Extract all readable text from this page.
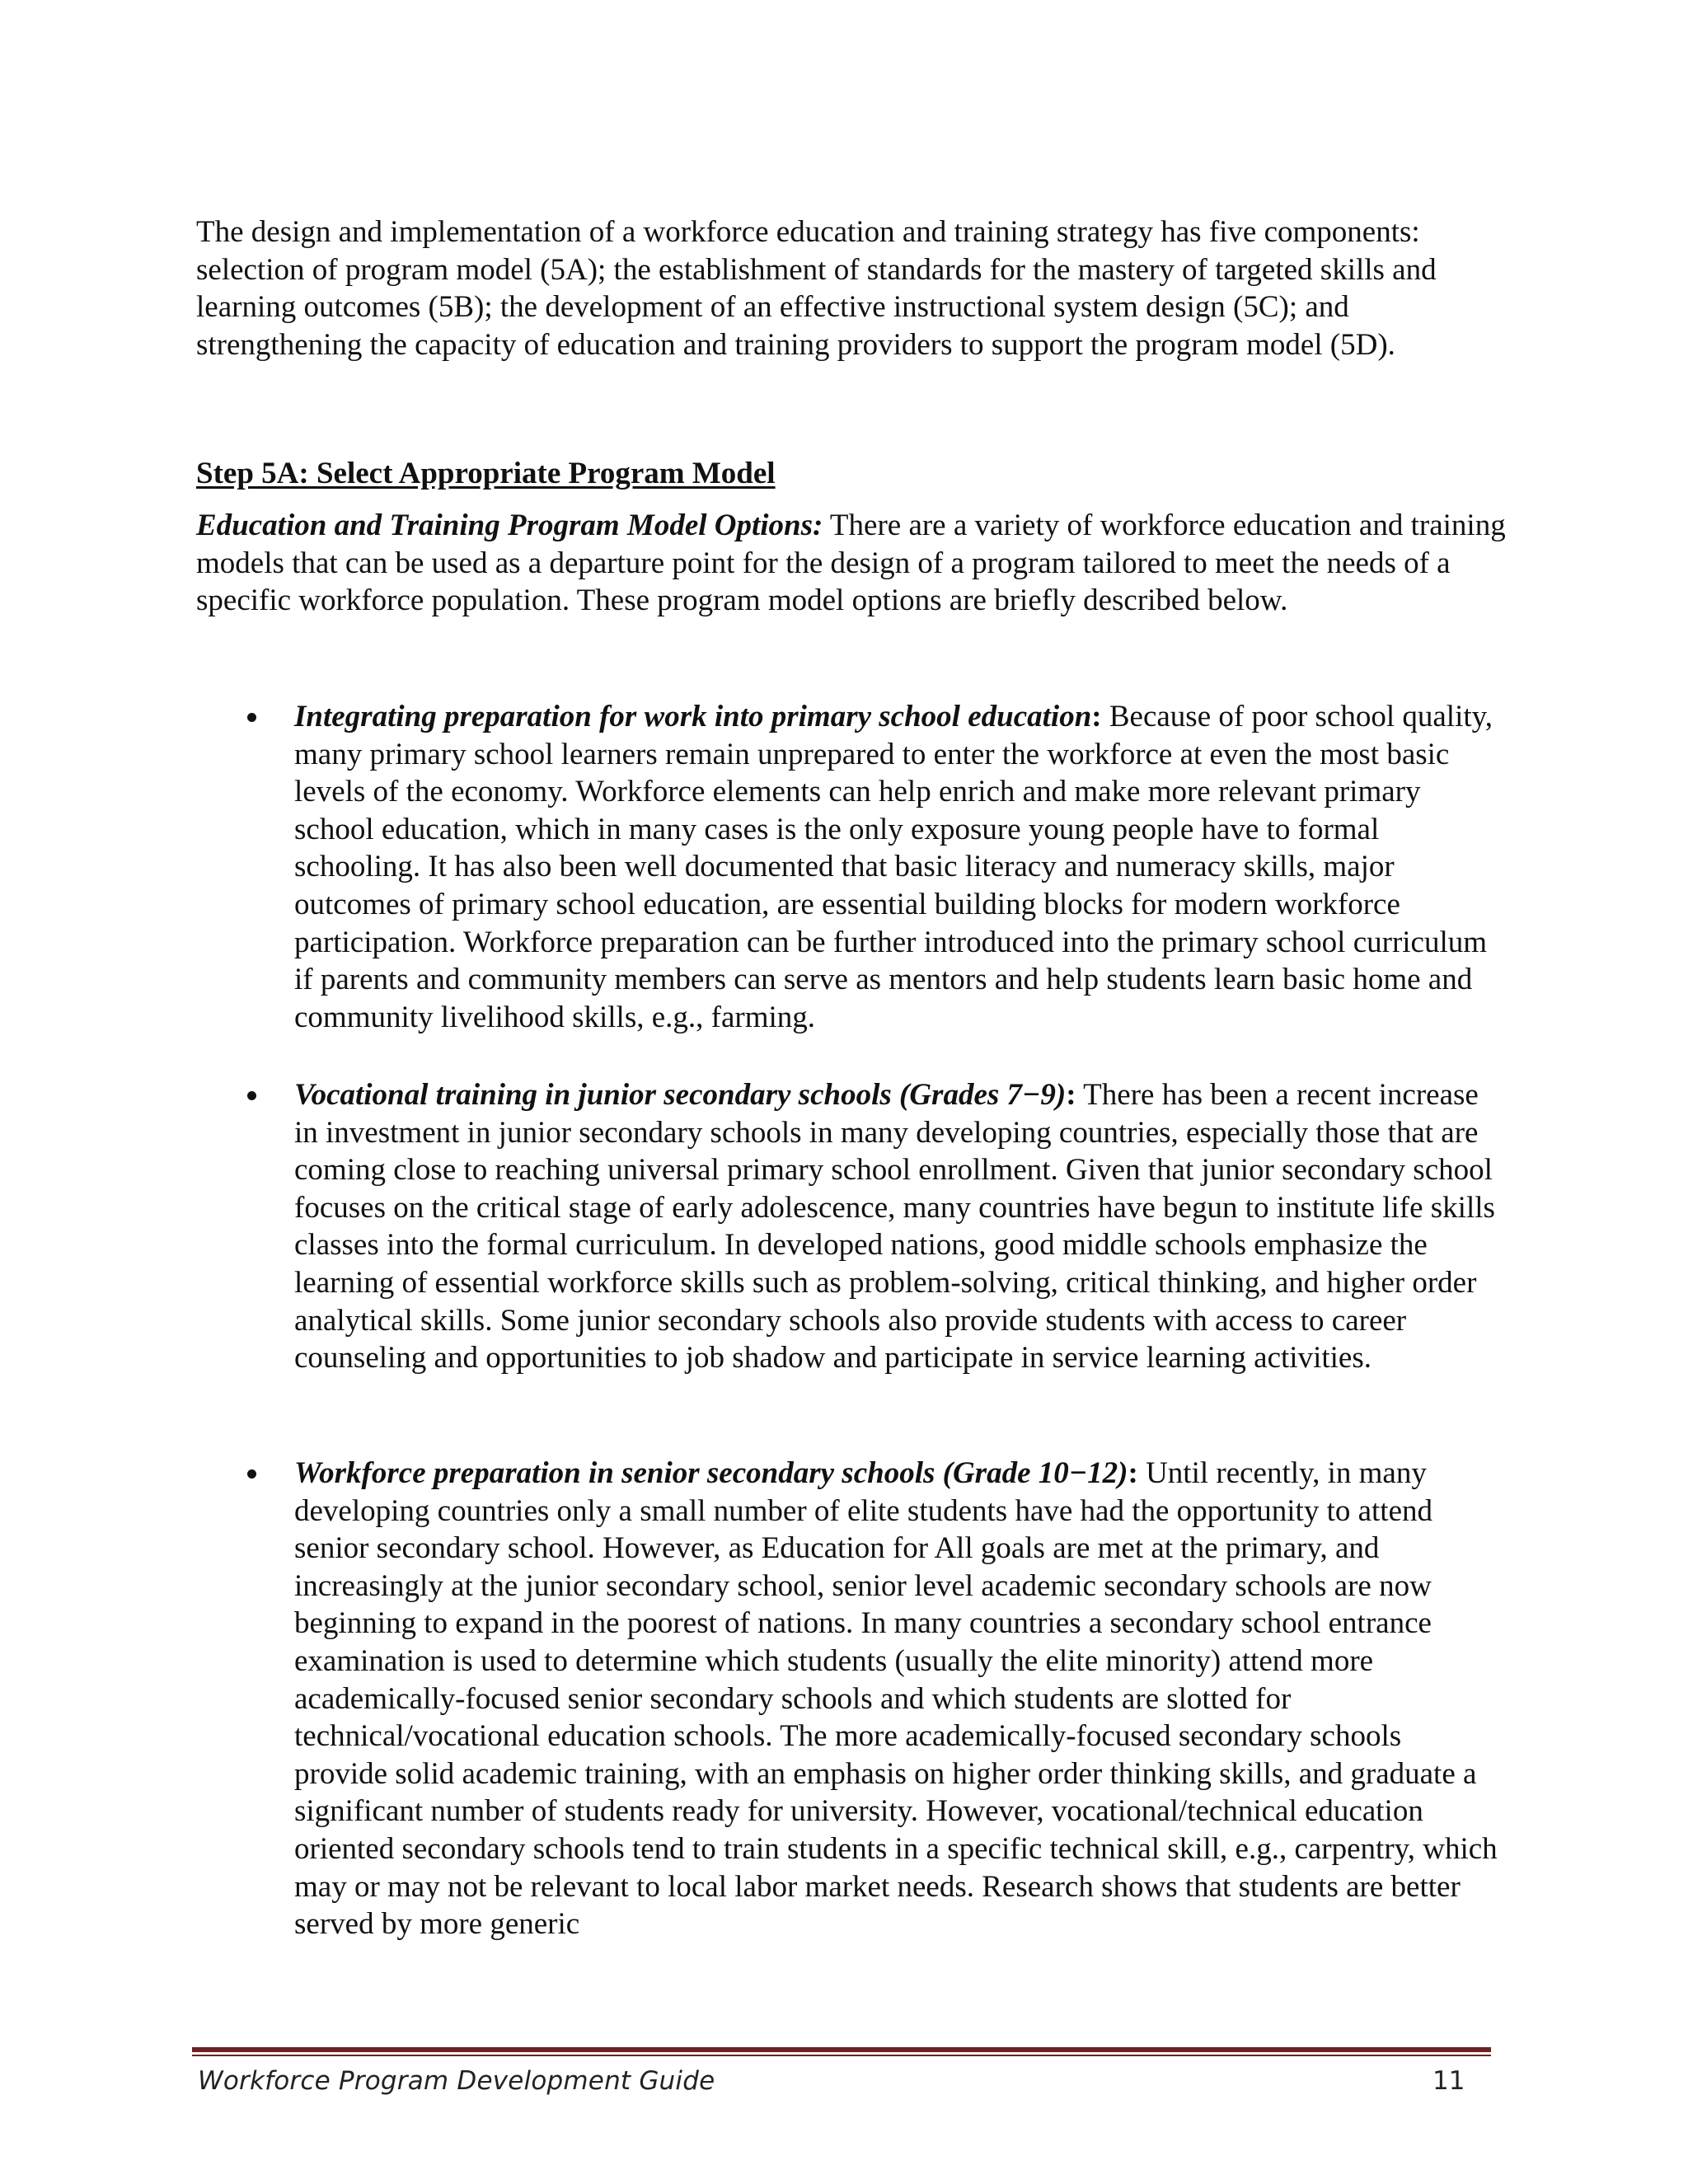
The design and implementation of a workforce education and training strategy has five components: selection of program model (5A); the establishment of standards for the mastery of targeted skills and learning outcomes (5B); the development of an effective instructional system design (5C); and strengthening the capacity of education and training providers to support the program model (5D).

Step 5A: Select Appropriate Program Model

Education and Training Program Model Options: There are a variety of workforce education and training models that can be used as a departure point for the design of a program tailored to meet the needs of a specific workforce population. These program model options are briefly described below.

Integrating preparation for work into primary school education: Because of poor school quality, many primary school learners remain unprepared to enter the workforce at even the most basic levels of the economy. Workforce elements can help enrich and make more relevant primary school education, which in many cases is the only exposure young people have to formal schooling. It has also been well documented that basic literacy and numeracy skills, major outcomes of primary school education, are essential building blocks for modern workforce participation. Workforce preparation can be further introduced into the primary school curriculum if parents and community members can serve as mentors and help students learn basic home and community livelihood skills, e.g., farming.
Vocational training in junior secondary schools (Grades 7−9): There has been a recent increase in investment in junior secondary schools in many developing countries, especially those that are coming close to reaching universal primary school enrollment. Given that junior secondary school focuses on the critical stage of early adolescence, many countries have begun to institute life skills classes into the formal curriculum. In developed nations, good middle schools emphasize the learning of essential workforce skills such as problem-solving, critical thinking, and higher order analytical skills. Some junior secondary schools also provide students with access to career counseling and opportunities to job shadow and participate in service learning activities.
Workforce preparation in senior secondary schools (Grade 10−12): Until recently, in many developing countries only a small number of elite students have had the opportunity to attend senior secondary school. However, as Education for All goals are met at the primary, and increasingly at the junior secondary school, senior level academic secondary schools are now beginning to expand in the poorest of nations. In many countries a secondary school entrance examination is used to determine which students (usually the elite minority) attend more academically-focused senior secondary schools and which students are slotted for technical/vocational education schools. The more academically-focused secondary schools provide solid academic training, with an emphasis on higher order thinking skills, and graduate a significant number of students ready for university. However, vocational/technical education oriented secondary schools tend to train students in a specific technical skill, e.g., carpentry, which may or may not be relevant to local labor market needs. Research shows that students are better served by more generic
Workforce Program Development Guide	11
